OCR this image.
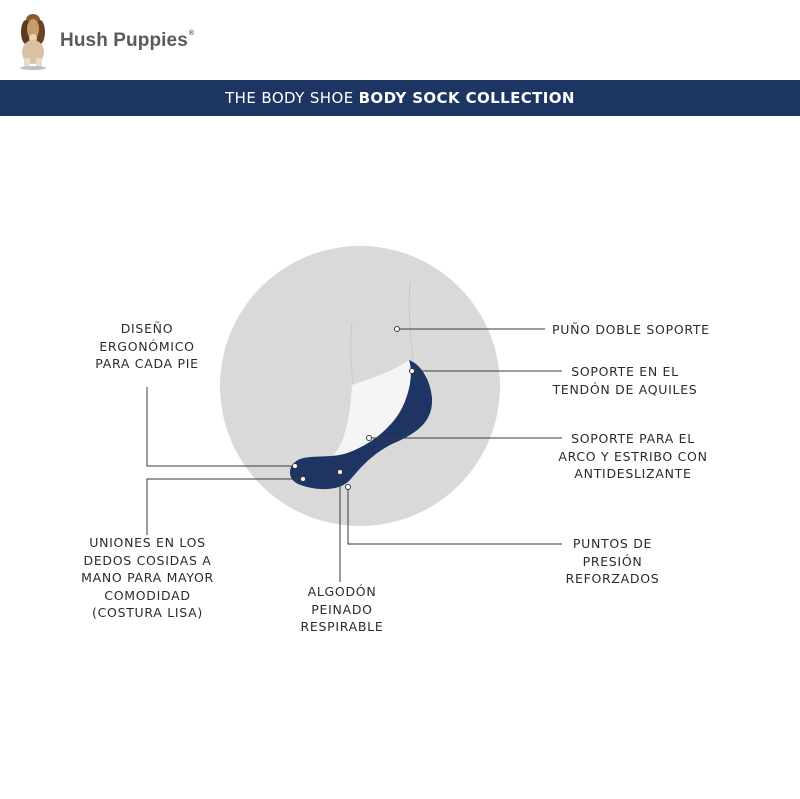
Hush Puppies®
THE BODY SHOE BODY SOCK COLLECTION
DISEÑO
ERGONÓMICO
PARA CADA PIE
UNIONES EN LOS
DEDOS COSIDAS A
MANO PARA MAYOR
COMODIDAD
(COSTURA LISA)
ALGODÓN
PEINADO
RESPIRABLE
PUÑO DOBLE SOPORTE
SOPORTE EN EL
TENDÓN DE AQUILES
SOPORTE PARA EL
ARCO Y ESTRIBO CON
ANTIDESLIZANTE
PUNTOS DE
PRESIÓN
REFORZADOS
